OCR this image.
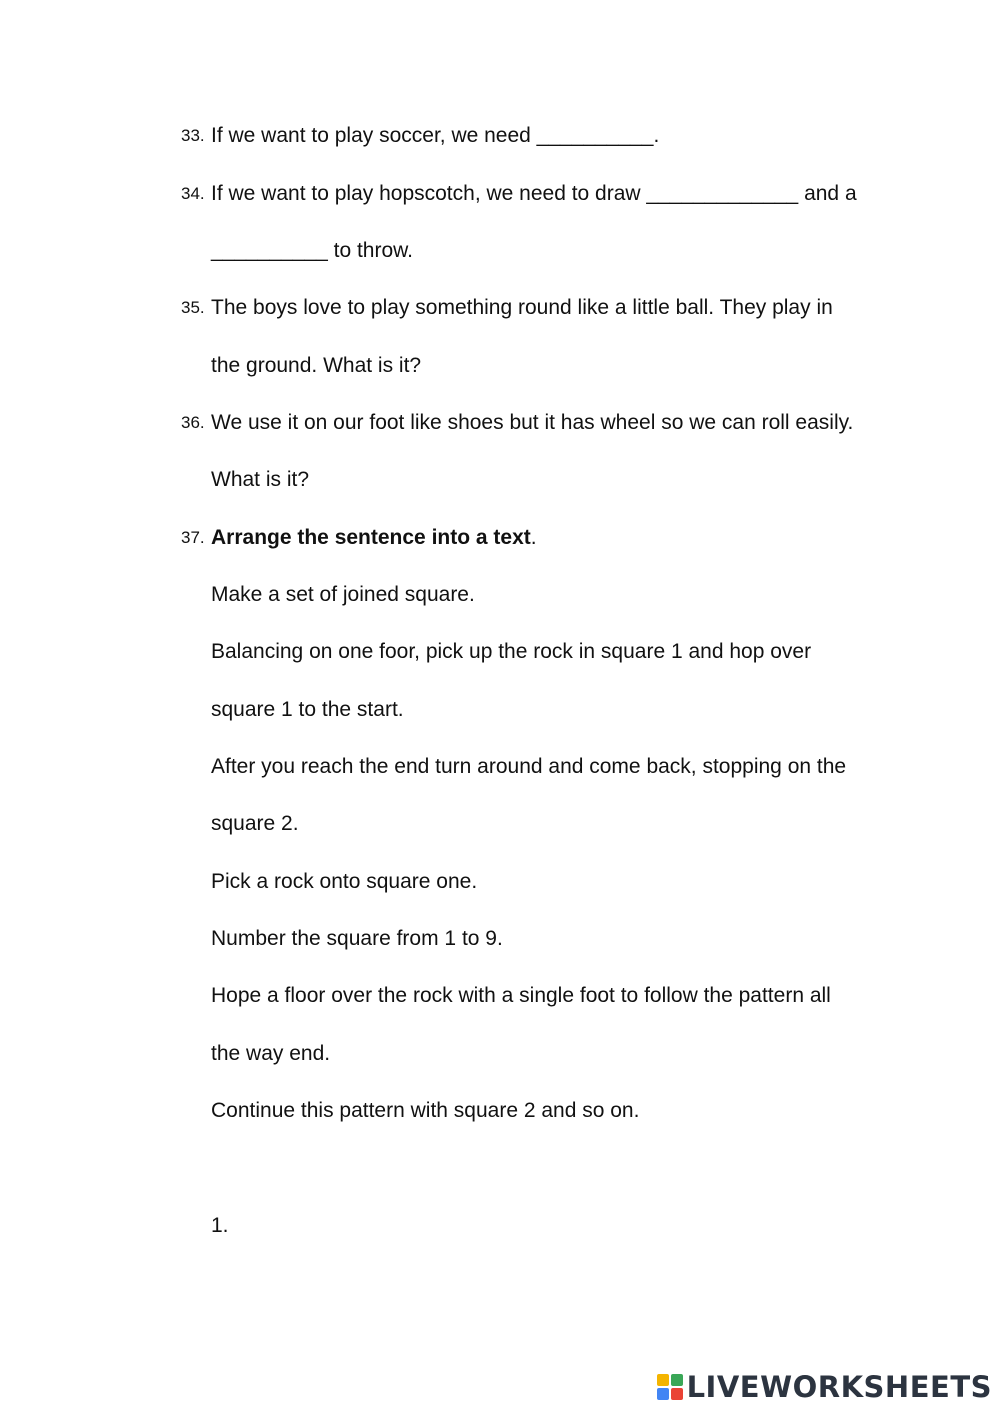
33. If we want to play soccer, we need __________.
34. If we want to play hopscotch, we need to draw _____________ and a
__________ to throw.
35. The boys love to play something round like a little ball. They play in
the ground. What is it?
36. We use it on our foot like shoes but it has wheel so we can roll easily.
What is it?
37. Arrange the sentence into a text.
Make a set of joined square.
Balancing on one foor, pick up the rock in square 1 and hop over
square 1 to the start.
After you reach the end turn around and come back, stopping on the
square 2.
Pick a rock onto square one.
Number the square from 1 to 9.
Hope a floor over the rock with a single foot to follow the pattern all
the way end.
Continue this pattern with square 2 and so on.
1.
LIVEWORKSHEETS
